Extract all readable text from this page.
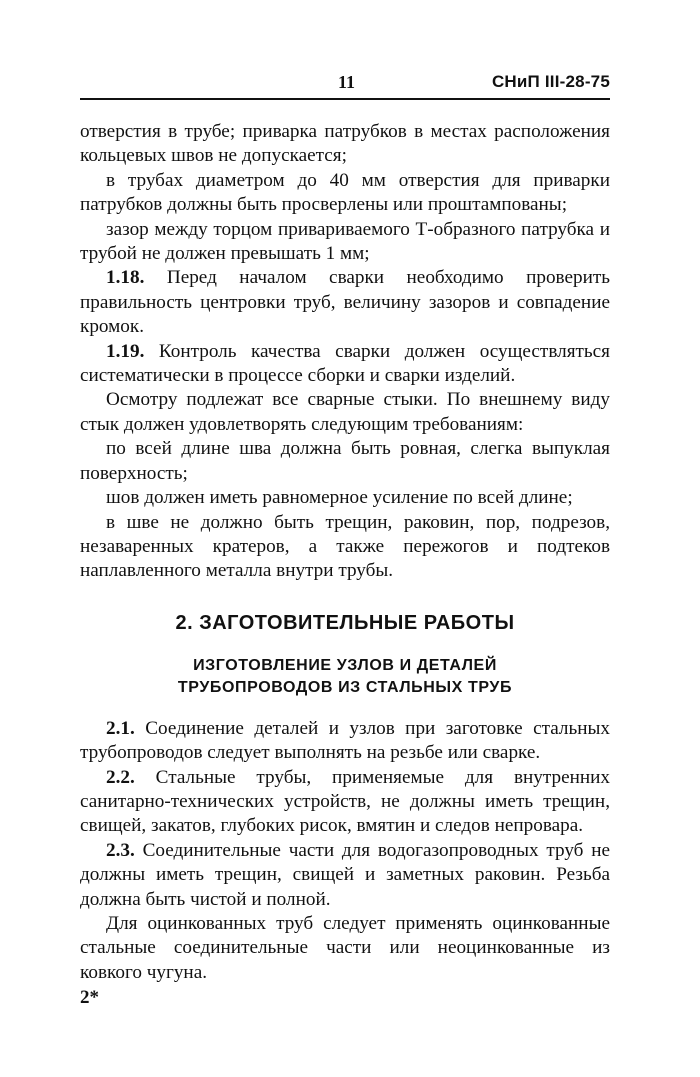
11	СНиП III-28-75

отверстия в трубе; приварка патрубков в местах расположения кольцевых швов не допускается;

в трубах диаметром до 40 мм отверстия для приварки патрубков должны быть просверлены или проштампованы;

зазор между торцом привариваемого Т-образного патрубка и трубой не должен превышать 1 мм;

1.18. Перед началом сварки необходимо проверить правильность центровки труб, величину зазоров и совпадение кромок.

1.19. Контроль качества сварки должен осуществляться систематически в процессе сборки и сварки изделий.

Осмотру подлежат все сварные стыки. По внешнему виду стык должен удовлетворять следующим требованиям:

по всей длине шва должна быть ровная, слегка выпуклая поверхность;

шов должен иметь равномерное усиление по всей длине;

в шве не должно быть трещин, раковин, пор, подрезов, незаваренных кратеров, а также пережогов и подтеков наплавленного металла внутри трубы.

2. ЗАГОТОВИТЕЛЬНЫЕ РАБОТЫ
ИЗГОТОВЛЕНИЕ УЗЛОВ И ДЕТАЛЕЙ
ТРУБОПРОВОДОВ ИЗ СТАЛЬНЫХ ТРУБ

2.1. Соединение деталей и узлов при заготовке стальных трубопроводов следует выполнять на резьбе или сварке.

2.2. Стальные трубы, применяемые для внутренних санитарно-технических устройств, не должны иметь трещин, свищей, закатов, глубоких рисок, вмятин и следов непровара.

2.3. Соединительные части для водогазопроводных труб не должны иметь трещин, свищей и заметных раковин. Резьба должна быть чистой и полной.

Для оцинкованных труб следует применять оцинкованные стальные соединительные части или неоцинкованные из ковкого чугуна.

2*
